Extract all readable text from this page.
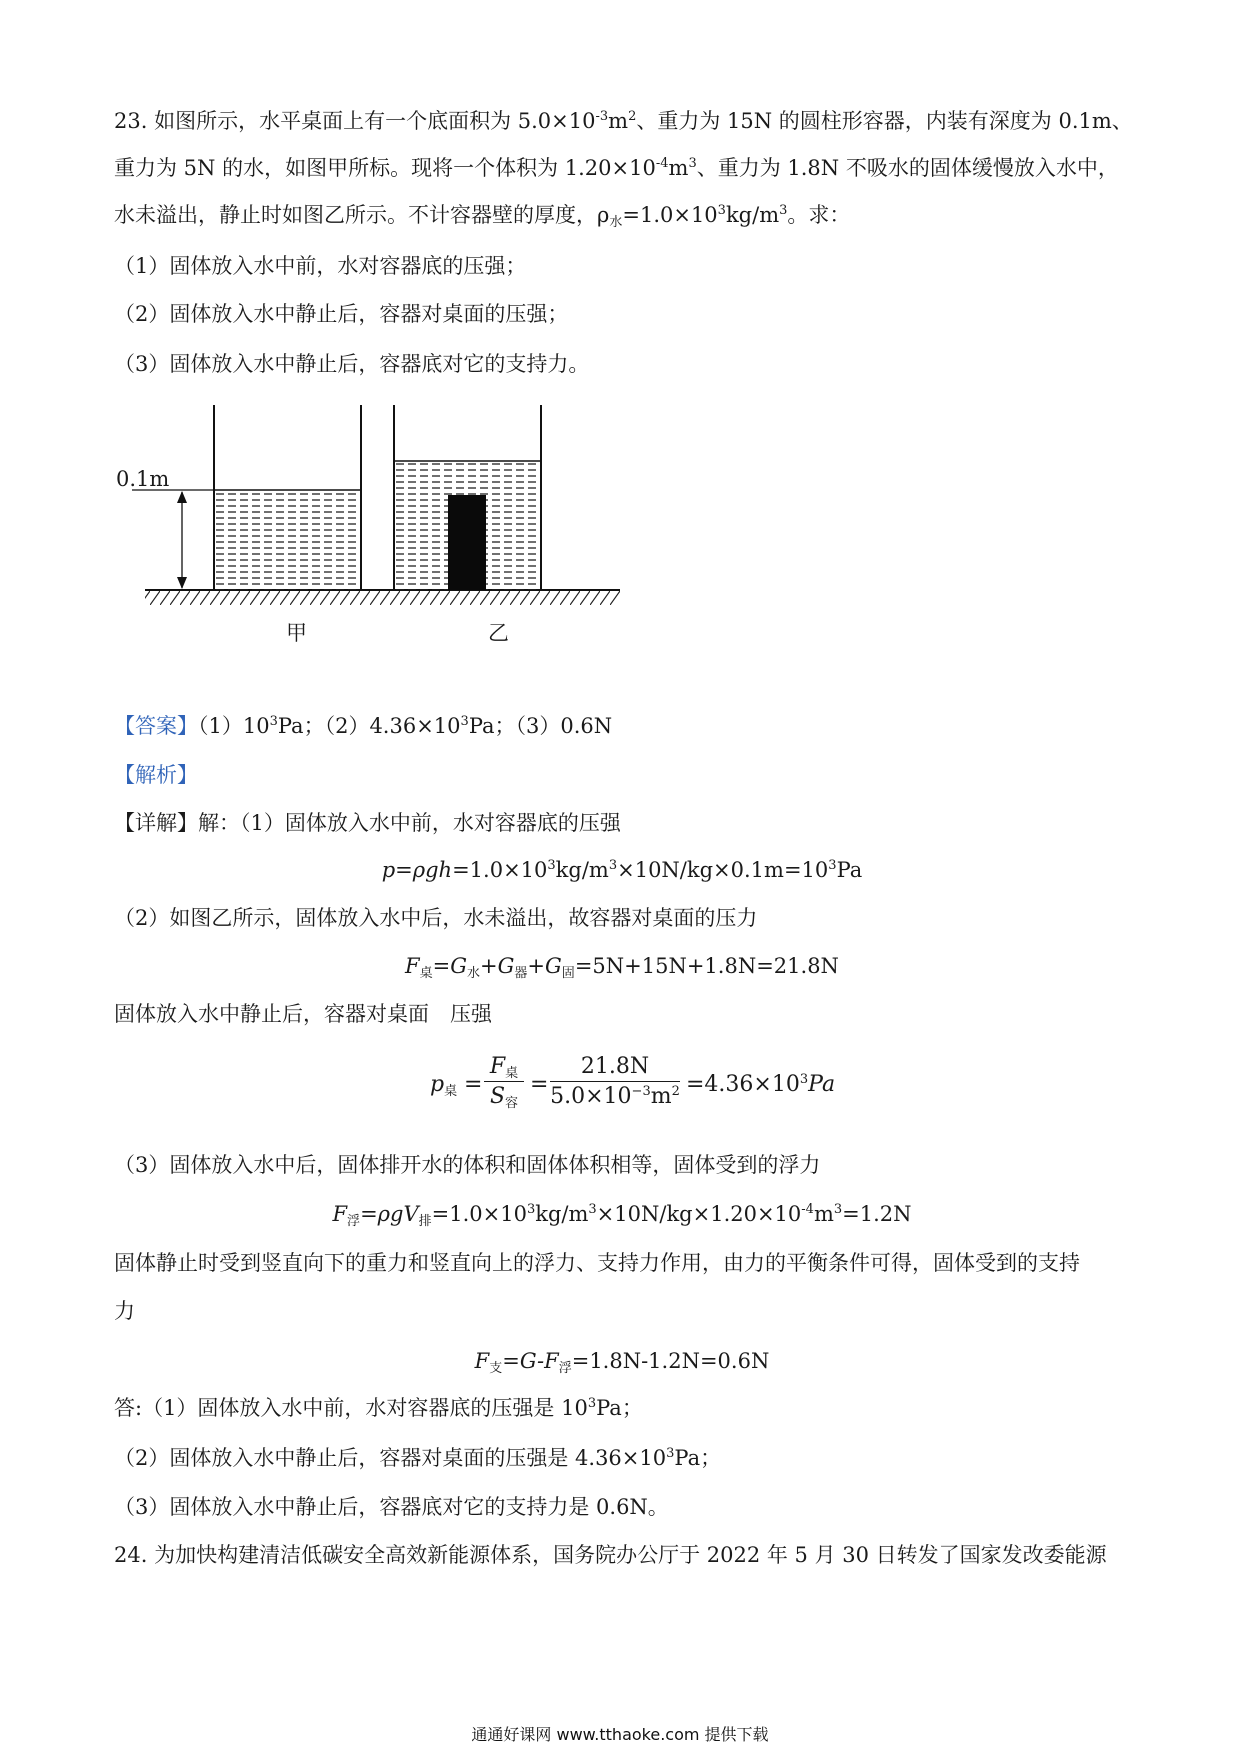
23. 如图所示，水平桌面上有一个底面积为 $5.0\times 10^{-3}m^2$、重力为 15N 的圆柱形容器，内装有深度为 0.1m、
重力为 5N 的水，如图甲所标。现将一个体积为 $1.20\times 10^{-4}m^3$、重力为 1.8N 不吸水的固体缓慢放入水中，
水未溢出，静止时如图乙所示。不计容器壁的厚度，$\rho_水=1.0\times 10^3kg/m^3$。求：
（1）固体放入水中前，水对容器底的压强；
（2）固体放入水中静止后，容器对桌面的压强；
（3）固体放入水中静止后，容器底对它的支持力。
0.1m
甲	乙
【答案】$(1)10^3Pa$；$(2)4.36\times 10^3Pa$；（3）0.6N
【解析】
【详解】解：（1）固体放入水中前，水对容器底的压强
$p=\rho gh=1.0\times 10^3kg/m^3\times 10N/kg\times 0.1m=10^3Pa$
（2）如图乙所示，固体放入水中后，水未溢出，故容器对桌面的压力
$F_桌=G_水+G_器+G_固=5N+15N+1.8N=21.8N$
固体放入水中静止后，容器对桌面　压强
$p_桌$ =
$F_桌$
$S_容$
= $\frac{21.8N}{5.0\times 10^{-3}m^2} =4.36\times 10^3Pa$
（3）固体放入水中后，固体排开水的体积和固体体积相等，固体受到的浮力
$F_浮=\rho gV_排=1.0\times 10^3kg/m^3\times 10N/kg\times 1.20\times 10^{-4}m^3=1.2N$
固体静止时受到竖直向下的重力和竖直向上的浮力、支持力作用，由力的平衡条件可得，固体受到的支持
力
$F_支=G-F_浮=1.8N-1.2N=0.6N$
答:（1）固体放入水中前，水对容器底的压强是 $10^3Pa$；
（2）固体放入水中静止后，容器对桌面的压强是 $4.36\times 10^3Pa$；
（3）固体放入水中静止后，容器底对它的支持力是 0.6N。
24. 为加快构建清洁低碳安全高效新能源体系，国务院办公厅于 2022 年 5 月 30 日转发了国家发改委能源
通通好课网 www.tthaoke.com 提供下载
